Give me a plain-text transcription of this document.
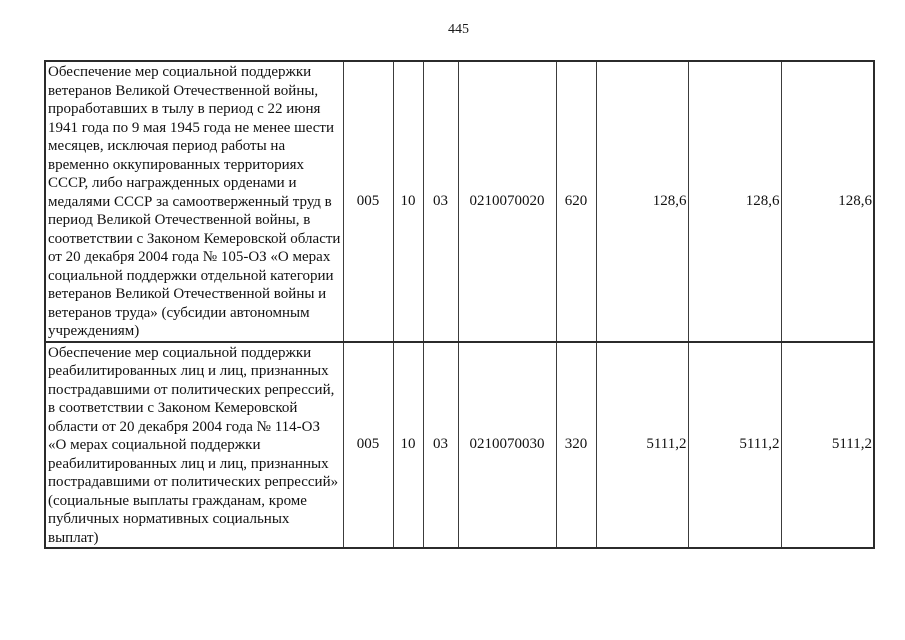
445
Обеспечение мер социальной поддержки ветеранов Великой Отечественной войны, проработавших в тылу в период с 22 июня 1941 года по 9 мая 1945 года не менее шести месяцев, исключая период работы на временно оккупированных территориях СССР, либо награжденных орденами и медалями СССР за самоотверженный труд в период Великой Отечественной войны, в соответствии с Законом Кемеровской области от 20 декабря 2004 года № 105-ОЗ «О мерах социальной поддержки отдельной категории ветеранов Великой Отечественной войны и ветеранов труда» (субсидии автономным учреждениям)	005	10	03	0210070020	620	128,6	128,6	128,6
Обеспечение мер социальной поддержки реабилитированных лиц и лиц, признанных пострадавшими от политических репрессий, в соответствии с Законом Кемеровской области от 20 декабря 2004 года № 114-ОЗ «О мерах социальной поддержки реабилитированных лиц и лиц, признанных пострадавшими от политических репрессий» (социальные выплаты гражданам, кроме публичных нормативных социальных выплат)	005	10	03	0210070030	320	5111,2	5111,2	5111,2
